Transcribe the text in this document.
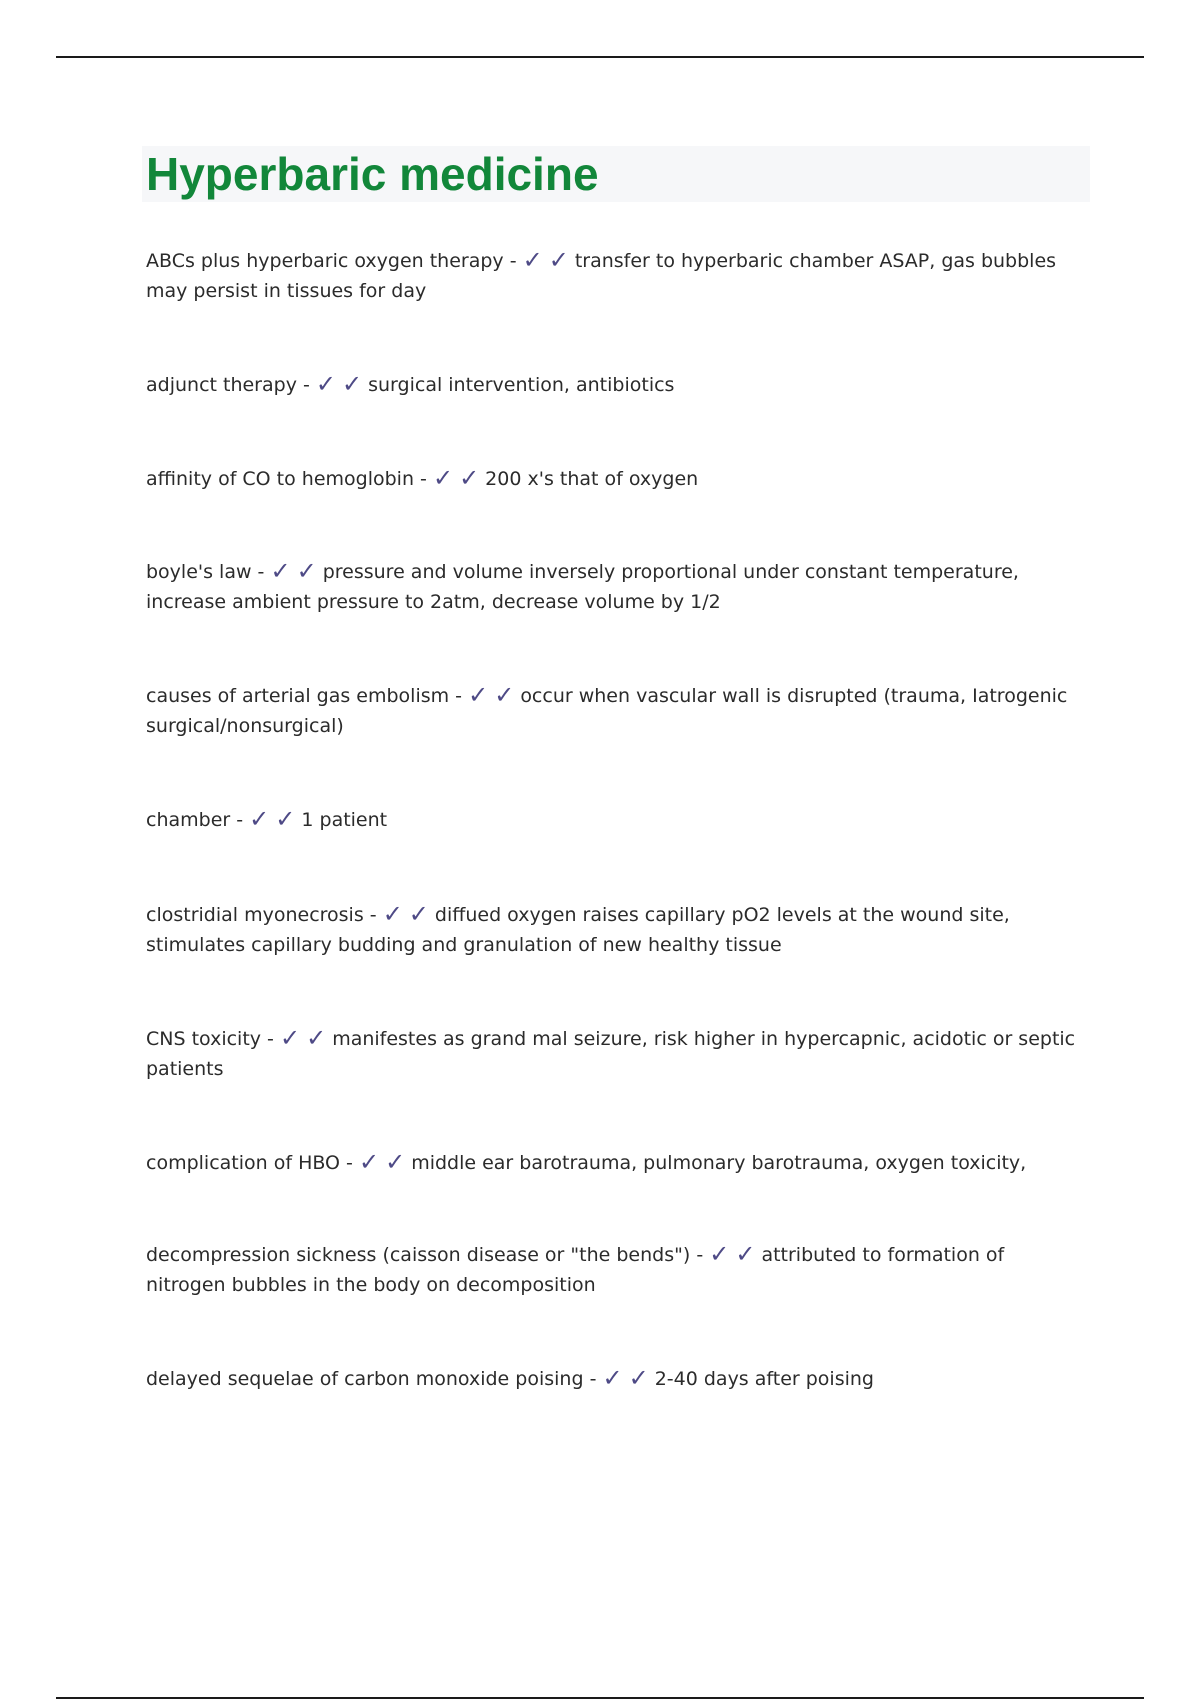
Hyperbaric medicine
ABCs plus hyperbaric oxygen therapy - ✓ ✓ transfer to hyperbaric chamber ASAP, gas bubbles may persist in tissues for day
adjunct therapy - ✓ ✓ surgical intervention, antibiotics
affinity of CO to hemoglobin - ✓ ✓ 200 x's that of oxygen
boyle's law - ✓ ✓ pressure and volume inversely proportional under constant temperature, increase ambient pressure to 2atm, decrease volume by 1/2
causes of arterial gas embolism - ✓ ✓ occur when vascular wall is disrupted (trauma, Iatrogenic surgical/nonsurgical)
chamber - ✓ ✓ 1 patient
clostridial myonecrosis - ✓ ✓ diffued oxygen raises capillary pO2 levels at the wound site, stimulates capillary budding and granulation of new healthy tissue
CNS toxicity - ✓ ✓ manifestes as grand mal seizure, risk higher in hypercapnic, acidotic or septic patients
complication of HBO - ✓ ✓ middle ear barotrauma, pulmonary barotrauma, oxygen toxicity,
decompression sickness (caisson disease or "the bends") - ✓ ✓ attributed to formation of nitrogen bubbles in the body on decomposition
delayed sequelae of carbon monoxide poising - ✓ ✓ 2-40 days after poising
